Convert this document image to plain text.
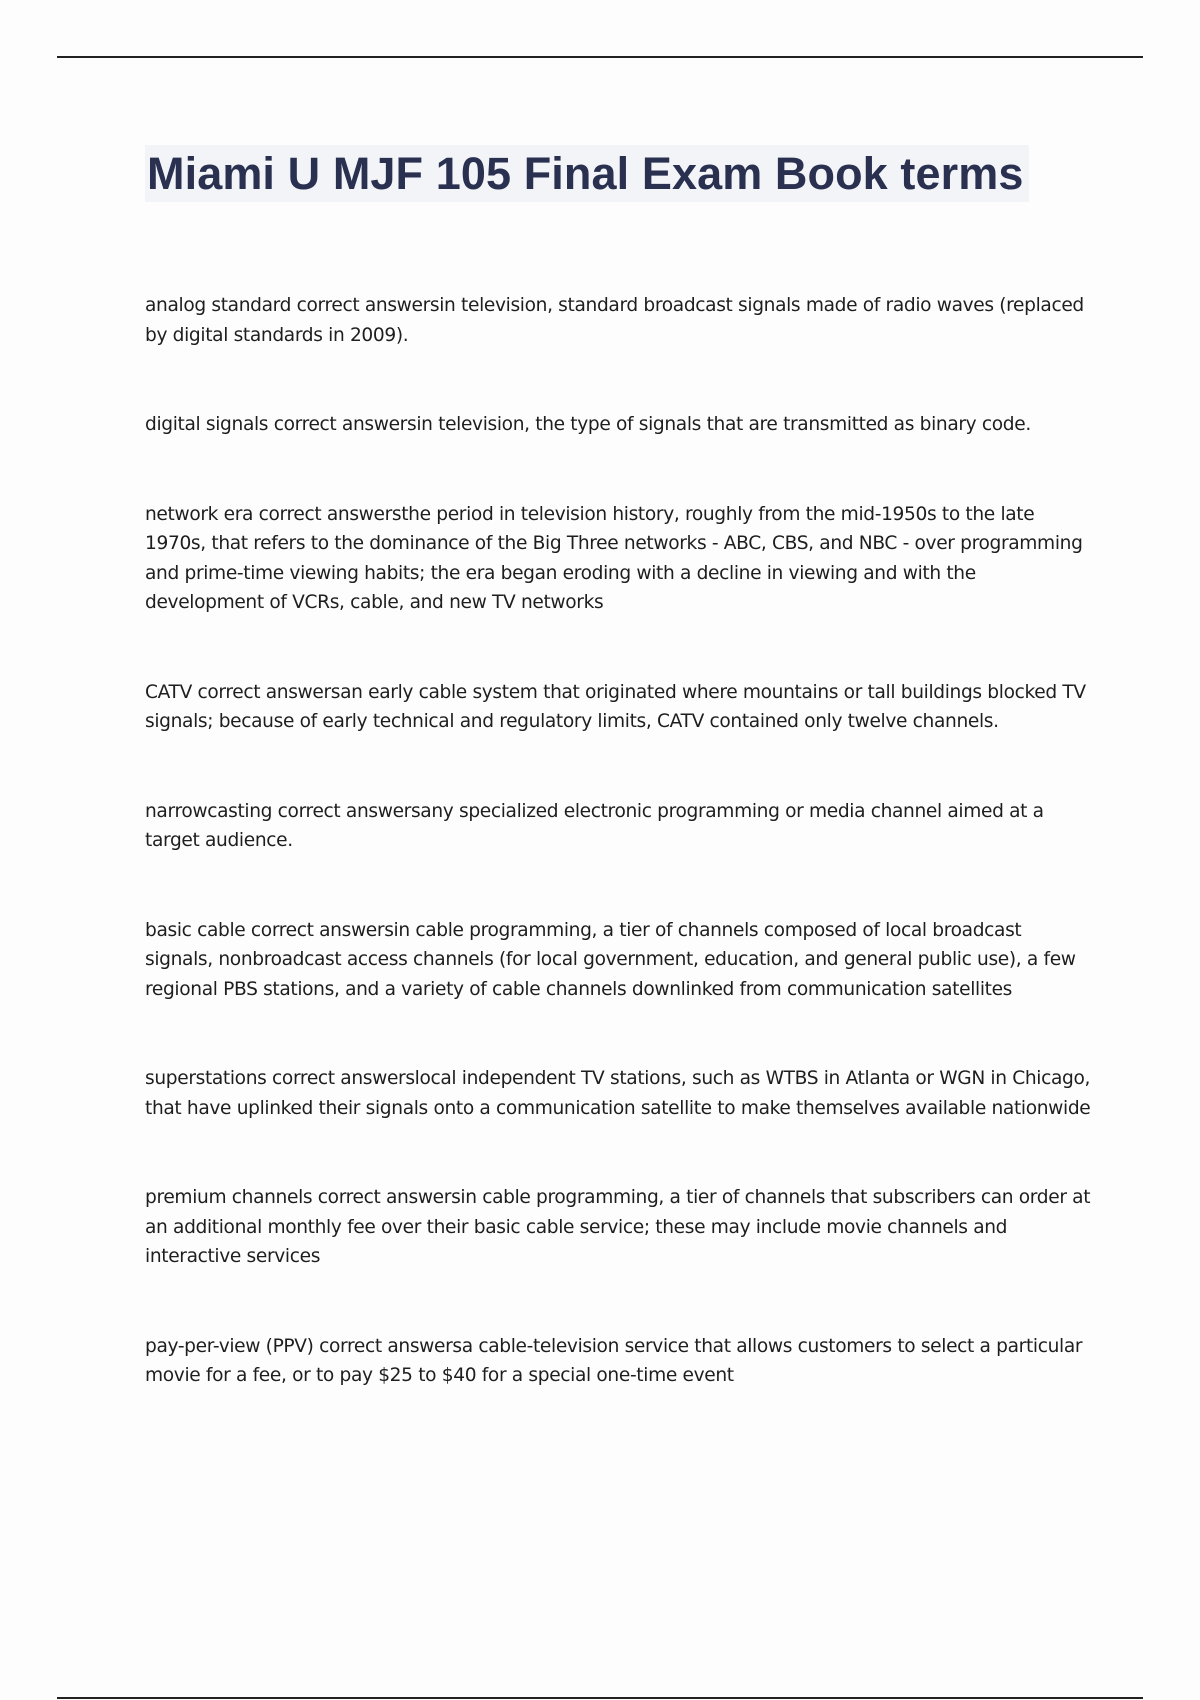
Miami U MJF 105 Final Exam Book terms

analog standard correct answersin television, standard broadcast signals made of radio waves (replaced by digital standards in 2009).

digital signals correct answersin television, the type of signals that are transmitted as binary code.

network era correct answersthe period in television history, roughly from the mid-1950s to the late 1970s, that refers to the dominance of the Big Three networks - ABC, CBS, and NBC - over programming and prime-time viewing habits; the era began eroding with a decline in viewing and with the development of VCRs, cable, and new TV networks

CATV correct answersan early cable system that originated where mountains or tall buildings blocked TV signals; because of early technical and regulatory limits, CATV contained only twelve channels.

narrowcasting correct answersany specialized electronic programming or media channel aimed at a target audience.

basic cable correct answersin cable programming, a tier of channels composed of local broadcast signals, nonbroadcast access channels (for local government, education, and general public use), a few regional PBS stations, and a variety of cable channels downlinked from communication satellites

superstations correct answerslocal independent TV stations, such as WTBS in Atlanta or WGN in Chicago, that have uplinked their signals onto a communication satellite to make themselves available nationwide

premium channels correct answersin cable programming, a tier of channels that subscribers can order at an additional monthly fee over their basic cable service; these may include movie channels and interactive services

pay-per-view (PPV) correct answersa cable-television service that allows customers to select a particular movie for a fee, or to pay $25 to $40 for a special one-time event
